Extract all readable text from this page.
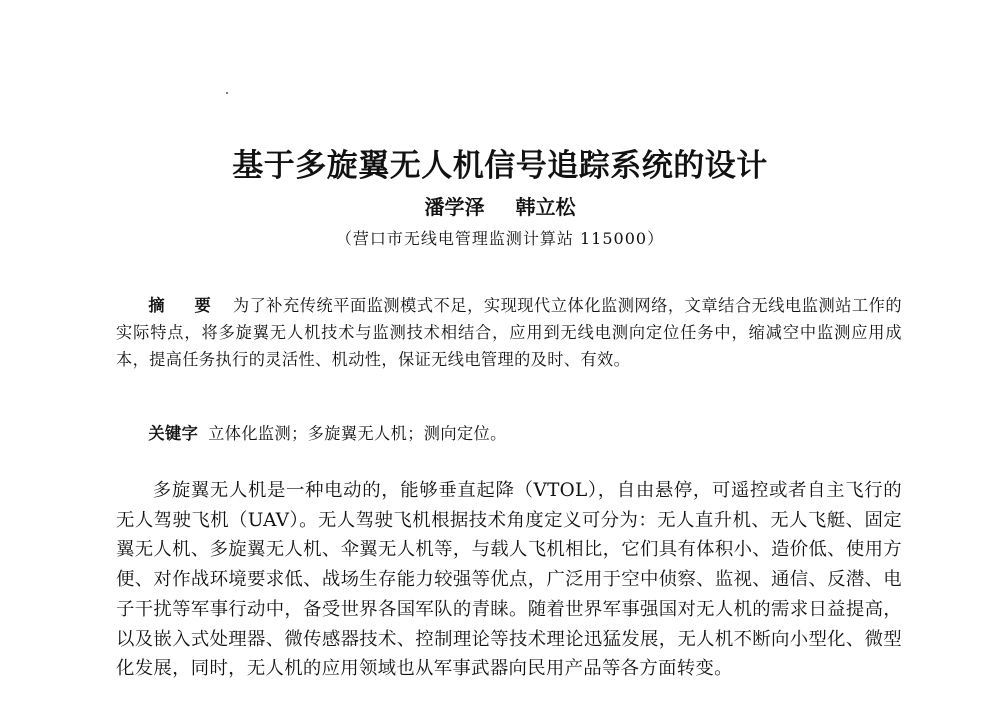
基于多旋翼无人机信号追踪系统的设计
潘学泽 韩立松
（营口市无线电管理监测计算站 115000）

摘 要 为了补充传统平面监测模式不足，实现现代立体化监测网络，文章结合无线电监测站工作的实际特点，将多旋翼无人机技术与监测技术相结合，应用到无线电测向定位任务中，缩减空中监测应用成本，提高任务执行的灵活性、机动性，保证无线电管理的及时、有效。

关键字 立体化监测；多旋翼无人机；测向定位。

多旋翼无人机是一种电动的，能够垂直起降（VTOL），自由悬停，可遥控或者自主飞行的无人驾驶飞机（UAV）。无人驾驶飞机根据技术角度定义可分为：无人直升机、无人飞艇、固定翼无人机、多旋翼无人机、伞翼无人机等，与载人飞机相比，它们具有体积小、造价低、使用方便、对作战环境要求低、战场生存能力较强等优点，广泛用于空中侦察、监视、通信、反潜、电子干扰等军事行动中，备受世界各国军队的青睐。随着世界军事强国对无人机的需求日益提高，以及嵌入式处理器、微传感器技术、控制理论等技术理论迅猛发展，无人机不断向小型化、微型化发展，同时，无人机的应用领域也从军事武器向民用产品等各方面转变。
